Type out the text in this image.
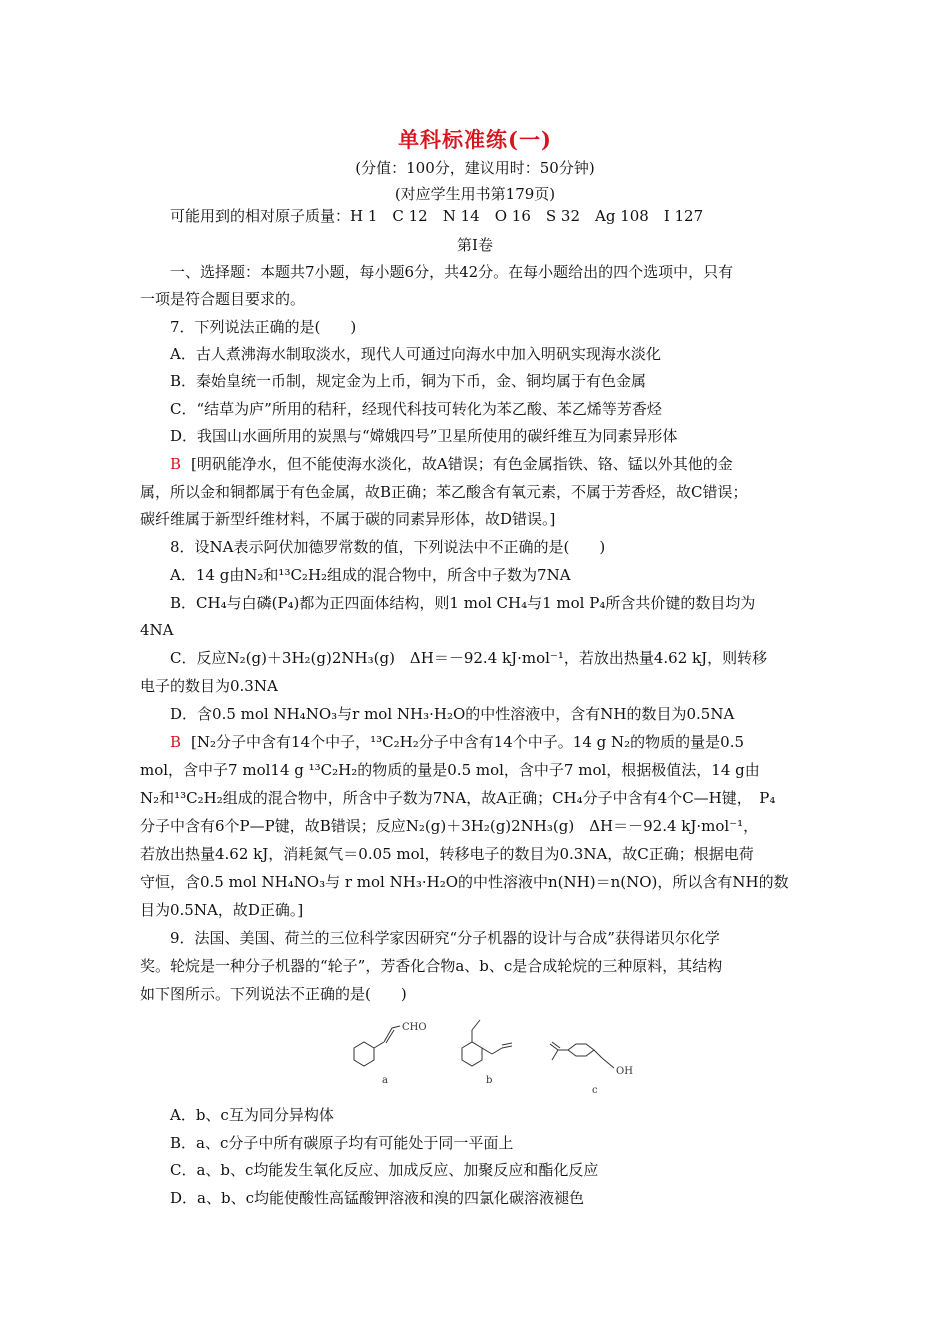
单科标准练(一)
(分值：100分，建议用时：50分钟)
(对应学生用书第179页)
可能用到的相对原子质量：H 1　C 12　N 14　O 16　S 32　Ag 108　I 127
第Ⅰ卷
一、选择题：本题共7小题，每小题6分，共42分。在每小题给出的四个选项中，只有
一项是符合题目要求的。
7．下列说法正确的是(　　)
A．古人煮沸海水制取淡水，现代人可通过向海水中加入明矾实现海水淡化
B．秦始皇统一币制，规定金为上币，铜为下币，金、铜均属于有色金属
C．“结草为庐”所用的秸秆，经现代科技可转化为苯乙酸、苯乙烯等芳香烃
D．我国山水画所用的炭黑与“嫦娥四号”卫星所使用的碳纤维互为同素异形体
B [明矾能净水，但不能使海水淡化，故A错误；有色金属指铁、铬、锰以外其他的金
属，所以金和铜都属于有色金属，故B正确；苯乙酸含有氧元素，不属于芳香烃，故C错误；
碳纤维属于新型纤维材料，不属于碳的同素异形体，故D错误。]
8．设NA表示阿伏加德罗常数的值，下列说法中不正确的是(　　)
A．14 g由N₂和¹³C₂H₂组成的混合物中，所含中子数为7NA
B．CH₄与白磷(P₄)都为正四面体结构，则1 mol CH₄与1 mol P₄所含共价键的数目均为
4NA
C．反应N₂(g)＋3H₂(g)2NH₃(g)　ΔH＝－92.4 kJ·mol⁻¹，若放出热量4.62 kJ，则转移
电子的数目为0.3NA
D．含0.5 mol NH₄NO₃与r mol NH₃·H₂O的中性溶液中，含有NH的数目为0.5NA
B [N₂分子中含有14个中子，¹³C₂H₂分子中含有14个中子。14 g N₂的物质的量是0.5
mol，含中子7 mol14 g ¹³C₂H₂的物质的量是0.5 mol，含中子7 mol，根据极值法，14 g由
N₂和¹³C₂H₂组成的混合物中，所含中子数为7NA，故A正确；CH₄分子中含有4个C—H键，　P₄
分子中含有6个P—P键，故B错误；反应N₂(g)＋3H₂(g)2NH₃(g)　ΔH＝－92.4 kJ·mol⁻¹，
若放出热量4.62 kJ，消耗氮气＝0.05 mol，转移电子的数目为0.3NA，故C正确；根据电荷
守恒，含0.5 mol NH₄NO₃与 r mol NH₃·H₂O的中性溶液中n(NH)＝n(NO)，所以含有NH的数
目为0.5NA，故D正确。]
9．法国、美国、荷兰的三位科学家因研究“分子机器的设计与合成”获得诺贝尔化学
奖。轮烷是一种分子机器的“轮子”，芳香化合物a、b、c是合成轮烷的三种原料，其结构
如下图所示。下列说法不正确的是(　　)
CHO
OH
a	b
c
A．b、c互为同分异构体
B．a、c分子中所有碳原子均有可能处于同一平面上
C．a、b、c均能发生氧化反应、加成反应、加聚反应和酯化反应
D．a、b、c均能使酸性高锰酸钾溶液和溴的四氯化碳溶液褪色
